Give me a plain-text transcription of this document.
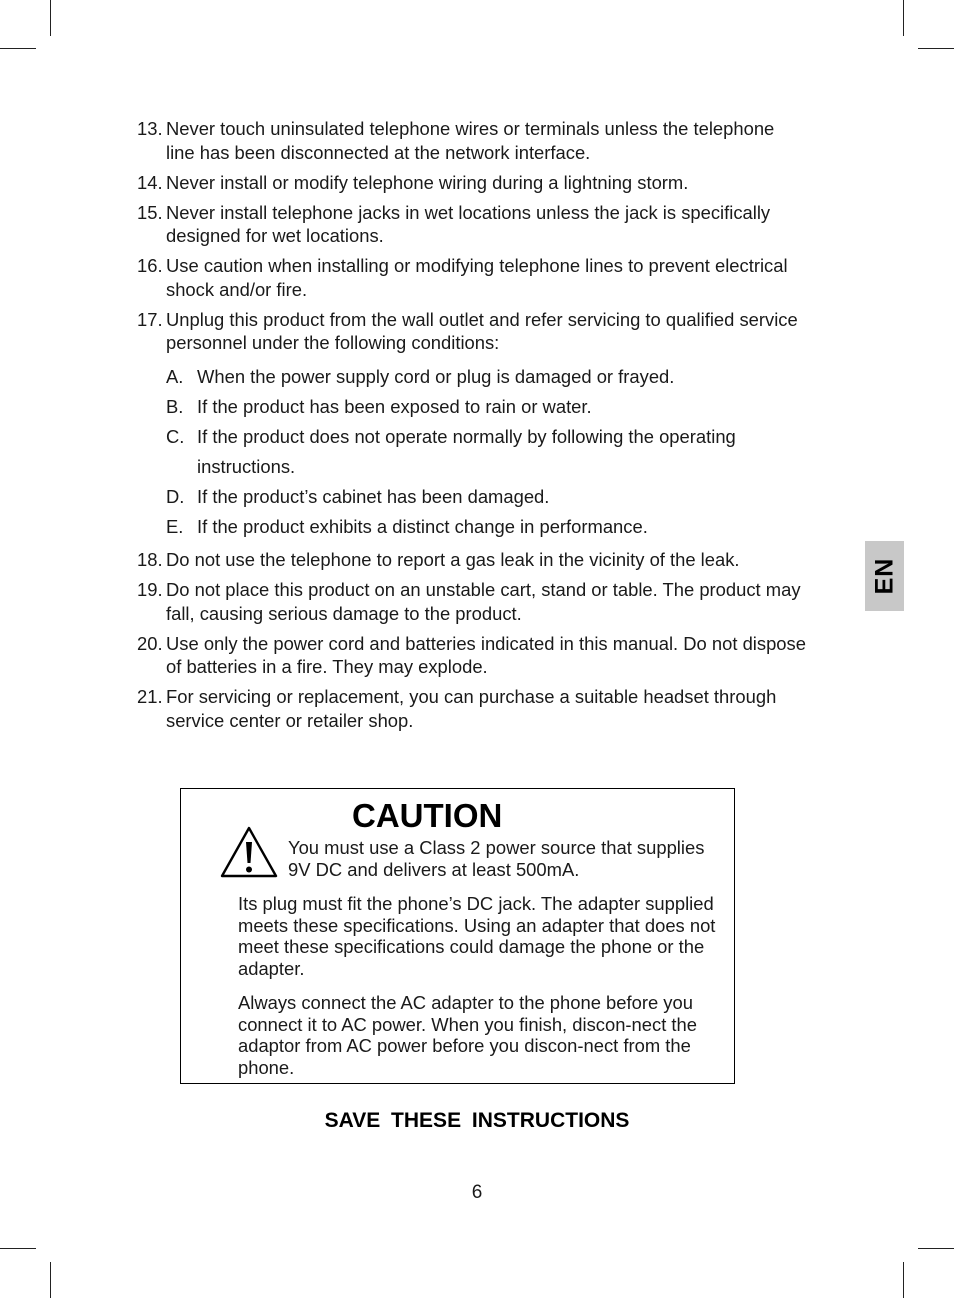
13. Never touch uninsulated telephone wires or terminals unless the telephone line has been disconnected at the network interface.
14. Never install or modify telephone wiring during a lightning storm.
15. Never install telephone jacks in wet locations unless the jack is specifically designed for wet locations.
16. Use caution when installing or modifying telephone lines to prevent electrical shock and/or fire.
17. Unplug this product from the wall outlet and refer servicing to qualified service personnel under the following conditions:
A. When the power supply cord or plug is damaged or frayed.
B. If the product has been exposed to rain or water.
C. If the product does not operate normally by following the operating instructions.
D. If the product’s cabinet has been damaged.
E. If the product exhibits a distinct change in performance.
18. Do not use the telephone to report a gas leak in the vicinity of the leak.
19. Do not place this product on an unstable cart, stand or table. The product may fall, causing serious damage to the product.
20. Use only the power cord and batteries indicated in this manual. Do not dispose of batteries in a fire. They may explode.
21. For servicing or replacement, you can purchase a suitable headset through service center or retailer shop.
EN
CAUTION
You must use a Class 2 power source that supplies 9V DC and delivers at least 500mA.
Its plug must fit the phone’s DC jack. The adapter supplied meets these specifications. Using an adapter that does not meet these specifications could damage the phone or the adapter.
Always connect the AC adapter to the phone before you connect it to AC power. When you finish, discon-nect the adaptor from AC power before you discon-nect from the phone.
SAVE THESE INSTRUCTIONS
6
